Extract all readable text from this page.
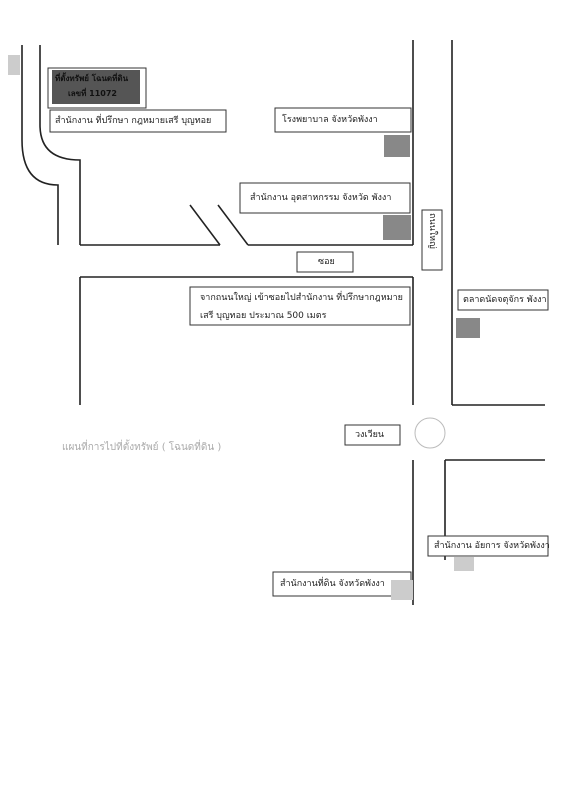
ที่ตั้งทรัพย์ โฉนดที่ดิน
เลขที่ 11072
สำนักงาน ที่ปรึกษา กฎหมายเสรี บุญทอย	โรงพยาบาล จังหวัดพังงา
สำนักงาน อุตสาหกรรม จังหวัด พังงา
ถนนใหญ่
ซอย
จากถนนใหญ่ เข้าซอยไปสำนักงาน ที่ปรึกษากฎหมาย
เสรี บุญทอย ประมาณ 500 เมตร
ตลาดนัดจตุจักร พังงา
วงเวียน
แผนที่การไปที่ตั้งทรัพย์ ( โฉนดที่ดิน )
สำนักงาน อัยการ จังหวัดพังงา
สำนักงานที่ดิน จังหวัดพังงา
